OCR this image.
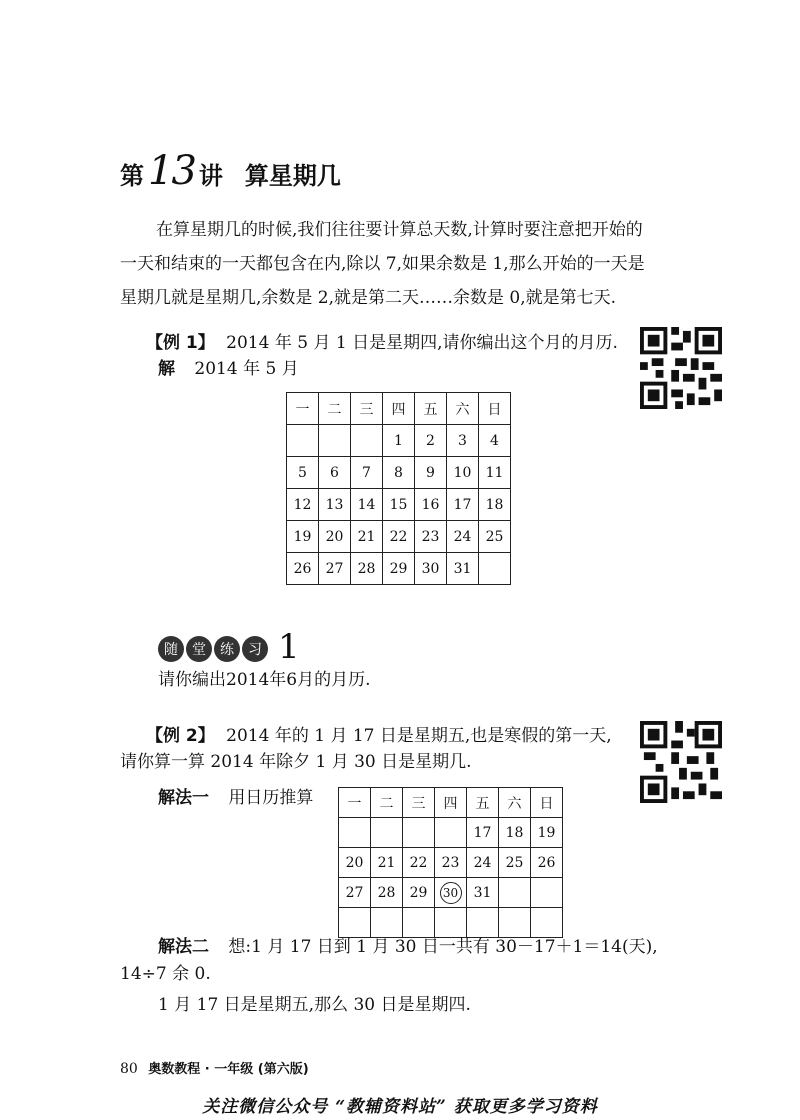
第 13 讲 算星期几
在算星期几的时候,我们往往要计算总天数,计算时要注意把开始的
一天和结束的一天都包含在内,除以 7,如果余数是 1,那么开始的一天是
星期几就是星期几,余数是 2,就是第二天……余数是 0,就是第七天.
【例 1】 2014 年 5 月 1 日是星期四,请你编出这个月的月历.
解 2014 年 5 月
一	二	三	四	五	六	日
			1	2	3	4
5	6	7	8	9	10	11
12	13	14	15	16	17	18
19	20	21	22	23	24	25
26	27	28	29	30	31	
随	堂	练	习 1
请你编出2014年6月的月历.
【例 2】 2014 年的 1 月 17 日是星期五,也是寒假的第一天,
请你算一算 2014 年除夕 1 月 30 日是星期几.
解法一 用日历推算 一	二	三	四	五	六	日
				17	18	19
20	21	22	23	24	25	26
27	28	29	30	31		

解法二 想:1 月 17 日到 1 月 30 日一共有 30－17＋1＝14(天),
14÷7 余 0.
1 月 17 日是星期五,那么 30 日是星期四.
80 奥数教程 · 一年级 (第六版)
关注微信公众号 “教辅资料站” 获取更多学习资料
